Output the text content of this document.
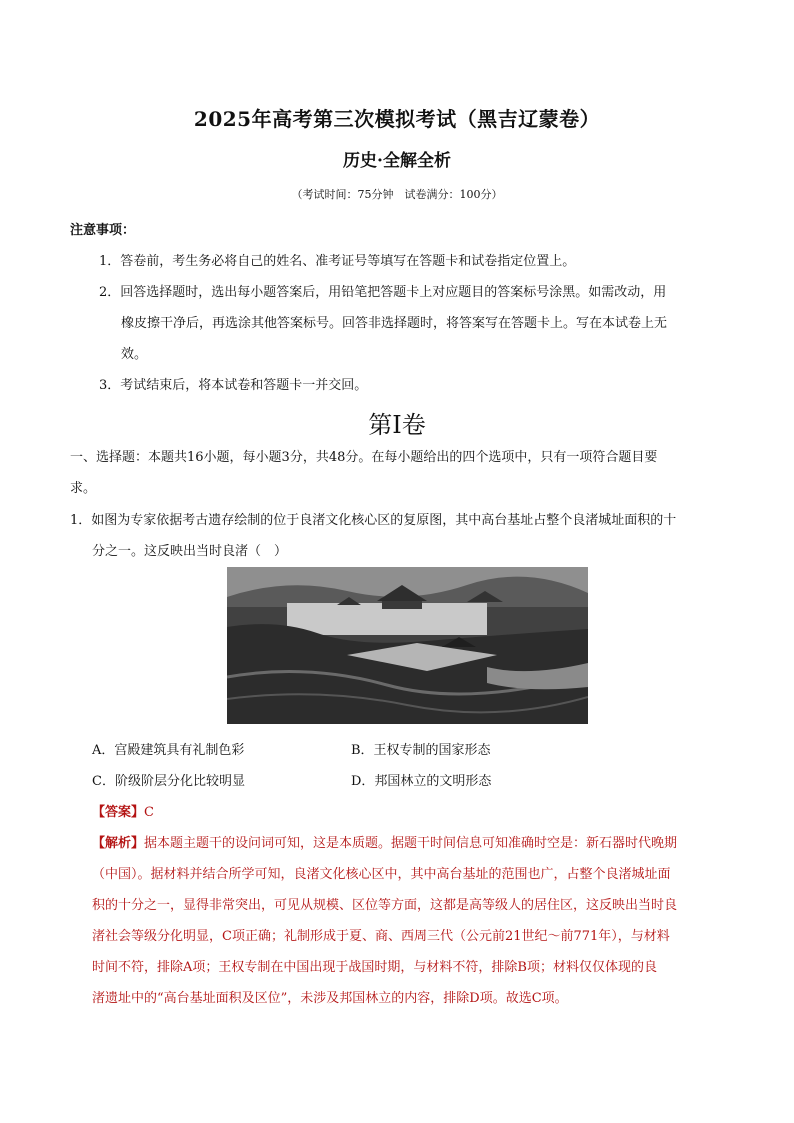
2025年高考第三次模拟考试（黑吉辽蒙卷）
历史·全解全析
（考试时间：75分钟　试卷满分：100分）
注意事项：
1．答卷前，考生务必将自己的姓名、准考证号等填写在答题卡和试卷指定位置上。
2．回答选择题时，选出每小题答案后，用铅笔把答题卡上对应题目的答案标号涂黑。如需改动，用
橡皮擦干净后，再选涂其他答案标号。回答非选择题时，将答案写在答题卡上。写在本试卷上无
效。
3．考试结束后，将本试卷和答题卡一并交回。
第Ⅰ卷
一、选择题：本题共16小题，每小题3分，共48分。在每小题给出的四个选项中，只有一项符合题目要
求。
1．如图为专家依据考古遗存绘制的位于良渚文化核心区的复原图，其中高台基址占整个良渚城址面积的十
分之一。这反映出当时良渚（　）
A．宫殿建筑具有礼制色彩	B．王权专制的国家形态
C．阶级阶层分化比较明显	D．邦国林立的文明形态
【答案】C
【解析】据本题主题干的设问词可知，这是本质题。据题干时间信息可知准确时空是：新石器时代晚期
（中国）。据材料并结合所学可知，良渚文化核心区中，其中高台基址的范围也广，占整个良渚城址面
积的十分之一，显得非常突出，可见从规模、区位等方面，这都是高等级人的居住区，这反映出当时良
渚社会等级分化明显，C项正确；礼制形成于夏、商、西周三代（公元前21世纪～前771年），与材料
时间不符，排除A项；王权专制在中国出现于战国时期，与材料不符，排除B项；材料仅仅体现的良
渚遗址中的“高台基址面积及区位”，未涉及邦国林立的内容，排除D项。故选C项。
